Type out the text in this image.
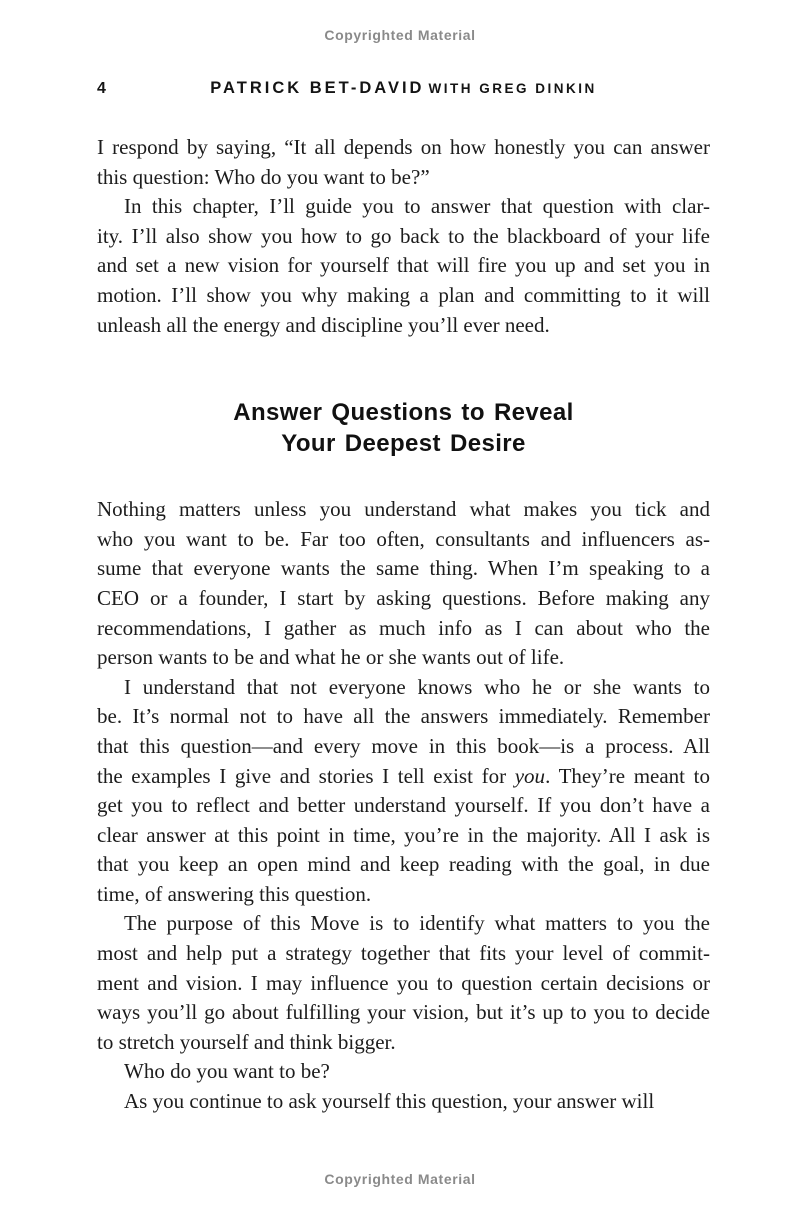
Copyrighted Material
4	PATRICK BET-DAVID WITH GREG DINKIN

I respond by saying, “It all depends on how honestly you can answer
this question: Who do you want to be?”

In this chapter, I’ll guide you to answer that question with clar-
ity. I’ll also show you how to go back to the blackboard of your life
and set a new vision for yourself that will fire you up and set you in
motion. I’ll show you why making a plan and committing to it will
unleash all the energy and discipline you’ll ever need.

Answer Questions to Reveal
Your Deepest Desire

Nothing matters unless you understand what makes you tick and
who you want to be. Far too often, consultants and influencers as-
sume that everyone wants the same thing. When I’m speaking to a
CEO or a founder, I start by asking questions. Before making any
recommendations, I gather as much info as I can about who the
person wants to be and what he or she wants out of life.

I understand that not everyone knows who he or she wants to
be. It’s normal not to have all the answers immediately. Remember
that this question—and every move in this book—is a process. All
the examples I give and stories I tell exist for you. They’re meant to
get you to reflect and better understand yourself. If you don’t have a
clear answer at this point in time, you’re in the majority. All I ask is
that you keep an open mind and keep reading with the goal, in due
time, of answering this question.

The purpose of this Move is to identify what matters to you the
most and help put a strategy together that fits your level of commit-
ment and vision. I may influence you to question certain decisions or
ways you’ll go about fulfilling your vision, but it’s up to you to decide
to stretch yourself and think bigger.

Who do you want to be?

As you continue to ask yourself this question, your answer will

Copyrighted Material
